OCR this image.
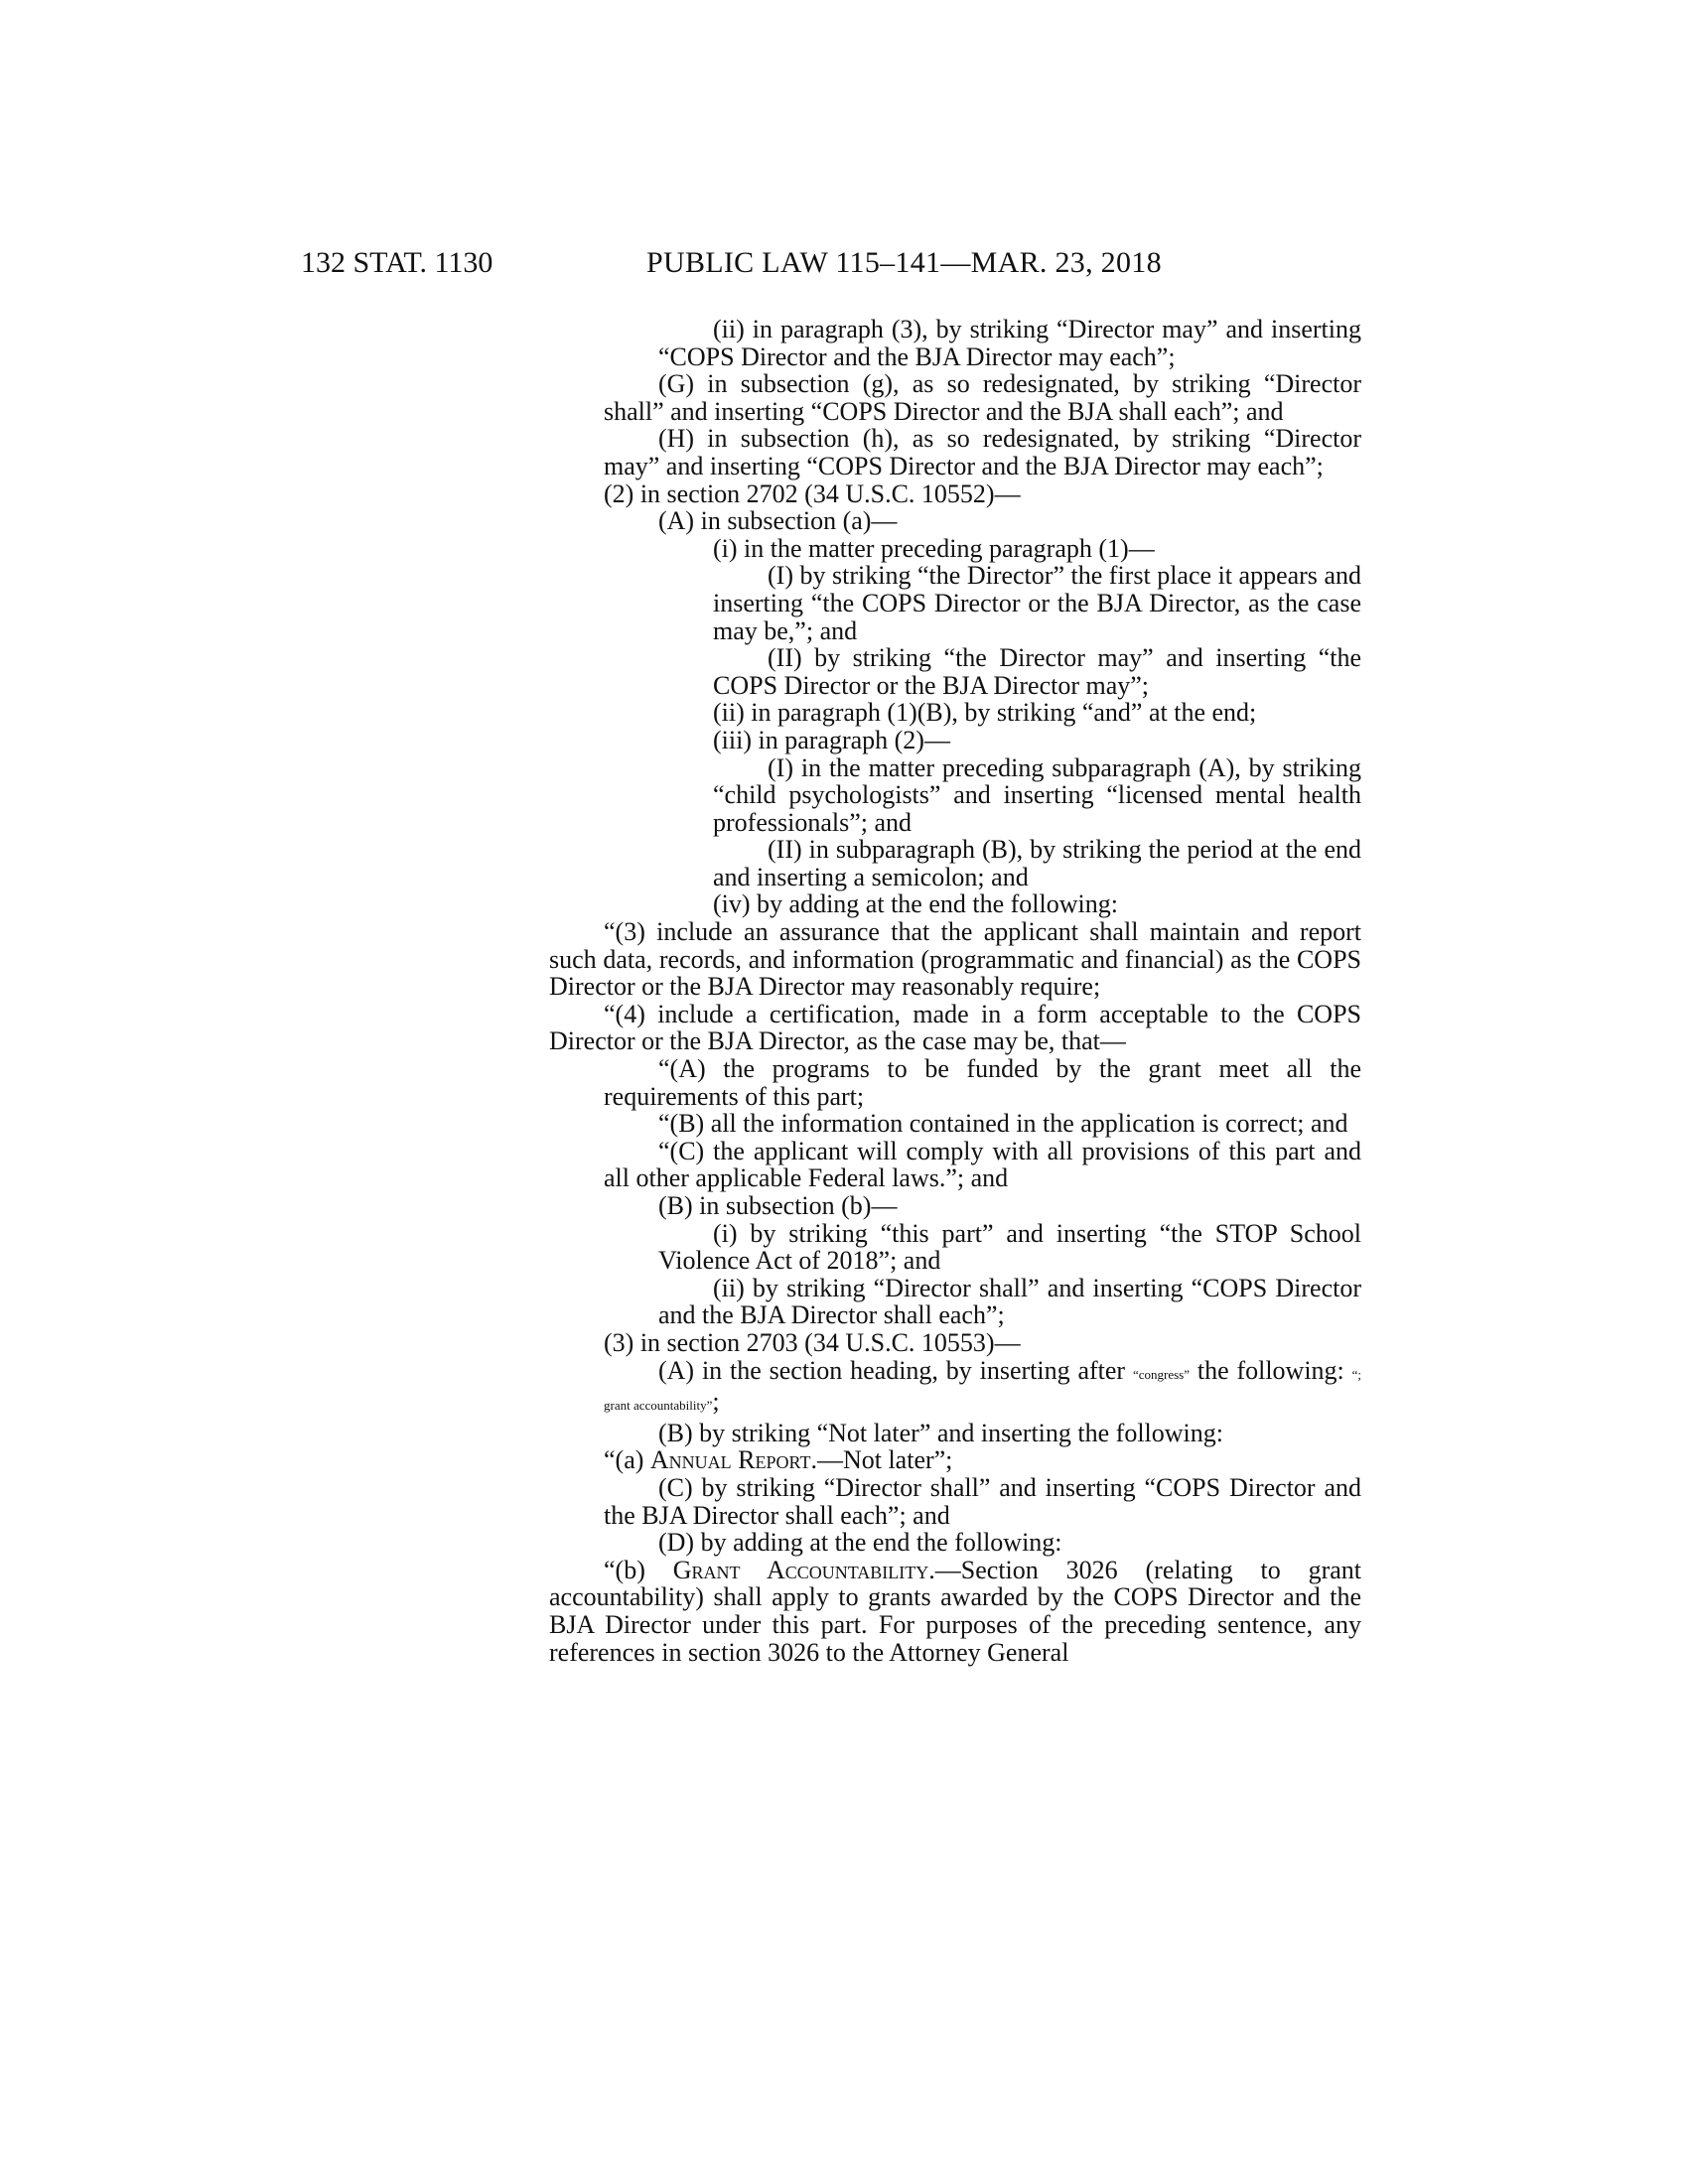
132 STAT. 1130	PUBLIC LAW 115–141—MAR. 23, 2018

(ii) in paragraph (3), by striking “Director may” and inserting “COPS Director and the BJA Director may each”;

(G) in subsection (g), as so redesignated, by striking “Director shall” and inserting “COPS Director and the BJA shall each”; and

(H) in subsection (h), as so redesignated, by striking “Director may” and inserting “COPS Director and the BJA Director may each”;

(2) in section 2702 (34 U.S.C. 10552)—

(A) in subsection (a)—

(i) in the matter preceding paragraph (1)—

(I) by striking “the Director” the first place it appears and inserting “the COPS Director or the BJA Director, as the case may be,”; and

(II) by striking “the Director may” and inserting “the COPS Director or the BJA Director may”;

(ii) in paragraph (1)(B), by striking “and” at the end;

(iii) in paragraph (2)—

(I) in the matter preceding subparagraph (A), by striking “child psychologists” and inserting “licensed mental health professionals”; and

(II) in subparagraph (B), by striking the period at the end and inserting a semicolon; and

(iv) by adding at the end the following:

“(3) include an assurance that the applicant shall maintain and report such data, records, and information (programmatic and financial) as the COPS Director or the BJA Director may reasonably require;

“(4) include a certification, made in a form acceptable to the COPS Director or the BJA Director, as the case may be, that—

“(A) the programs to be funded by the grant meet all the requirements of this part;

“(B) all the information contained in the application is correct; and

“(C) the applicant will comply with all provisions of this part and all other applicable Federal laws.”; and

(B) in subsection (b)—

(i) by striking “this part” and inserting “the STOP School Violence Act of 2018”; and

(ii) by striking “Director shall” and inserting “COPS Director and the BJA Director shall each”;

(3) in section 2703 (34 U.S.C. 10553)—

(A) in the section heading, by inserting after “congress” the following: “; grant accountability”;

(B) by striking “Not later” and inserting the following:

“(a) Annual Report.—Not later”;

(C) by striking “Director shall” and inserting “COPS Director and the BJA Director shall each”; and

(D) by adding at the end the following:

“(b) Grant Accountability.—Section 3026 (relating to grant accountability) shall apply to grants awarded by the COPS Director and the BJA Director under this part. For purposes of the preceding sentence, any references in section 3026 to the Attorney General
